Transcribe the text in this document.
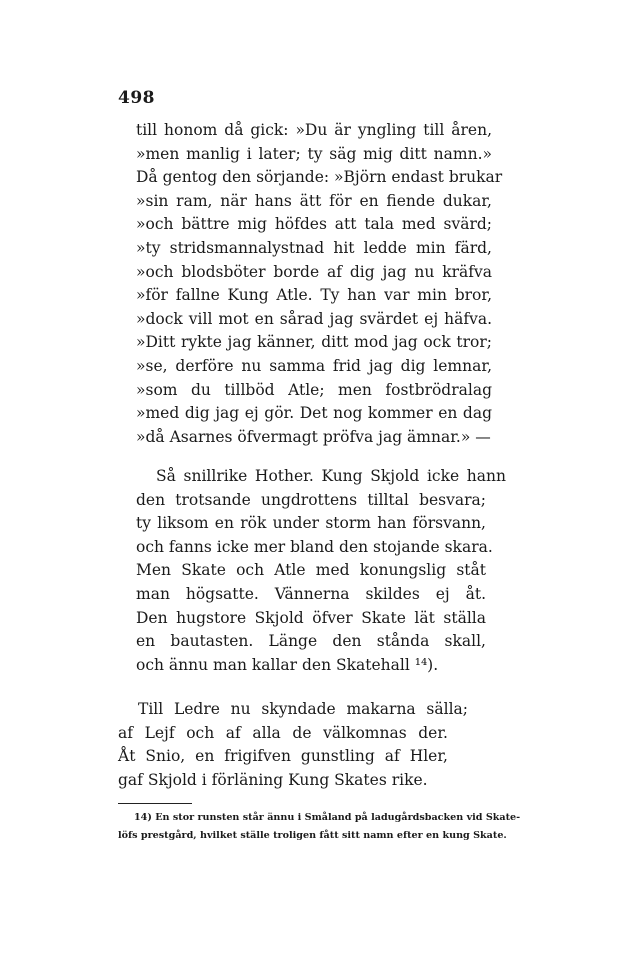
498
till honom då gick: »Du är yngling till åren,
»men manlig i later; ty säg mig ditt namn.»
Då gentog den sörjande: »Björn endast brukar
»sin ram, när hans ätt för en fiende dukar,
»och bättre mig höfdes att tala med svärd;
»ty stridsmannalystnad hit ledde min färd,
»och blodsböter borde af dig jag nu kräfva
»för fallne Kung Atle. Ty han var min bror,
»dock vill mot en sårad jag svärdet ej häfva.
»Ditt rykte jag känner, ditt mod jag ock tror;
»se, derföre nu samma frid jag dig lemnar,
»som du tillböd Atle; men fostbrödralag
»med dig jag ej gör. Det nog kommer en dag
»då Asarnes öfvermagt pröfva jag ämnar.» —
Så snillrike Hother. Kung Skjold icke hann
den trotsande ungdrottens tilltal besvara;
ty liksom en rök under storm han försvann,
och fanns icke mer bland den stojande skara.
Men Skate och Atle med konungslig ståt
man högsatte. Vännerna skildes ej åt.
Den hugstore Skjold öfver Skate lät ställa
en bautasten. Länge den stånda skall,
och ännu man kallar den Skatehall ¹⁴).
Till Ledre nu skyndade makarna sälla;
af Lejf och af alla de välkomnas der.
Åt Snio, en frigifven gunstling af Hler,
gaf Skjold i förläning Kung Skates rike.
14) En stor runsten står ännu i Småland på ladugårdsbacken vid Skate-
löfs prestgård, hvilket ställe troligen fått sitt namn efter en kung Skate.
